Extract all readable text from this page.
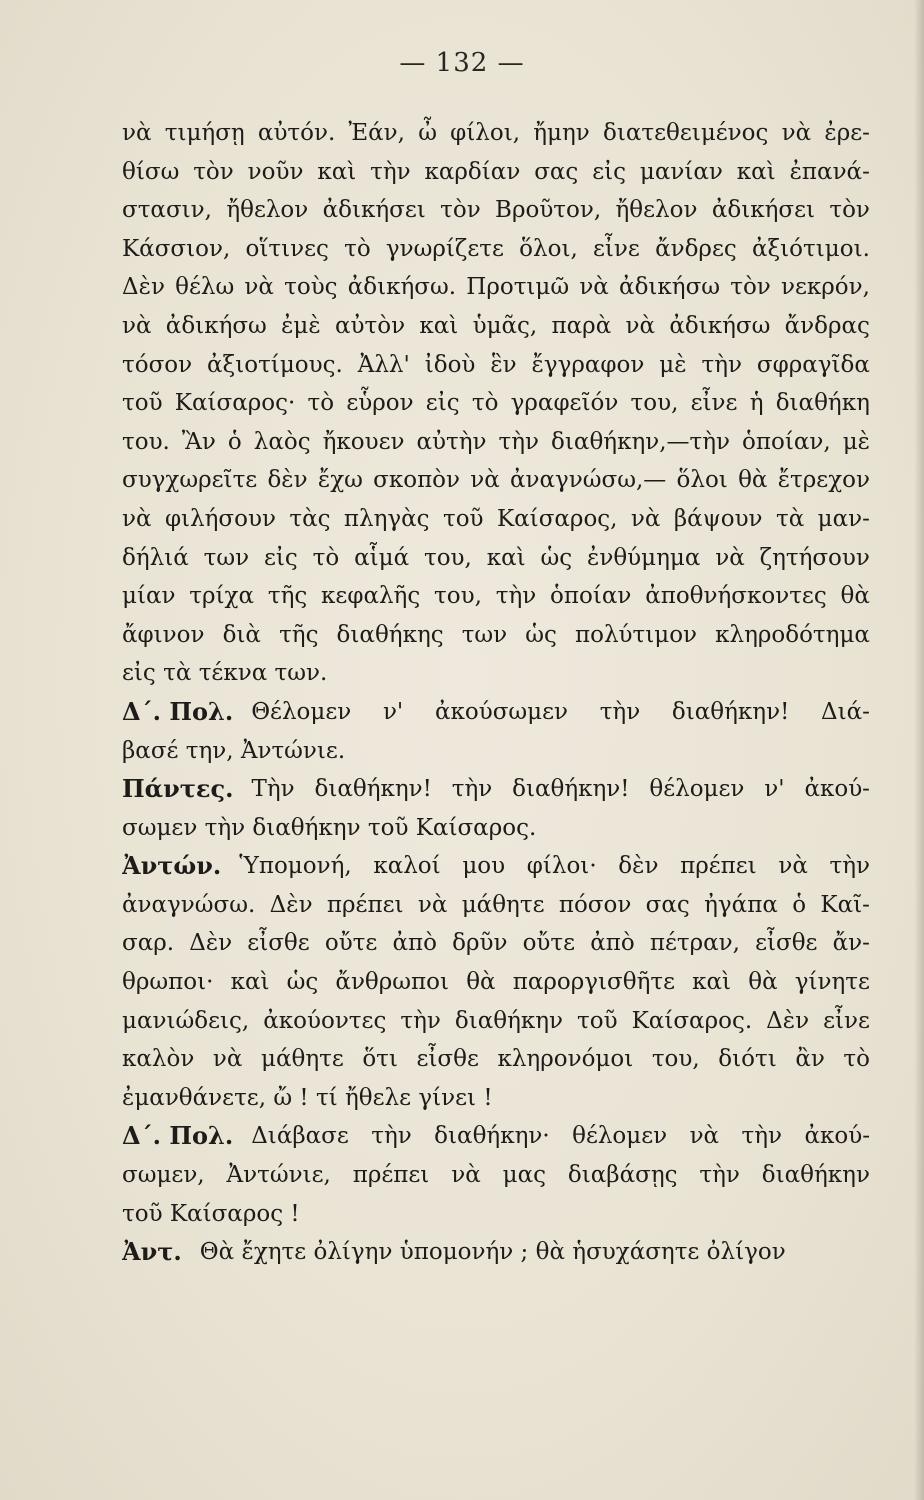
— 132 —
νὰ τιμήσῃ αὐτόν. Ἐάν, ὦ φίλοι, ἤμην διατεθειμένος νὰ ἐρε-
θίσω τὸν νοῦν καὶ τὴν καρδίαν σας εἰς μανίαν καὶ ἐπανά-
στασιν, ἤθελον ἀδικήσει τὸν Βροῦτον, ἤθελον ἀδικήσει τὸν
Κάσσιον, οἵτινες τὸ γνωρίζετε ὅλοι, εἶνε ἄνδρες ἀξιότιμοι.
Δὲν θέλω νὰ τοὺς ἀδικήσω. Προτιμῶ νὰ ἀδικήσω τὸν νεκρόν,
νὰ ἀδικήσω ἐμὲ αὐτὸν καὶ ὑμᾶς, παρὰ νὰ ἀδικήσω ἄνδρας
τόσον ἀξιοτίμους. Ἀλλ' ἰδοὺ ἓν ἔγγραφον μὲ τὴν σφραγῖδα
τοῦ Καίσαρος· τὸ εὗρον εἰς τὸ γραφεῖόν του, εἶνε ἡ διαθήκη
του. Ἂν ὁ λαὸς ἤκουεν αὐτὴν τὴν διαθήκην,—τὴν ὁποίαν, μὲ
συγχωρεῖτε δὲν ἔχω σκοπὸν νὰ ἀναγνώσω,— ὅλοι θὰ ἔτρεχον
νὰ φιλήσουν τὰς πληγὰς τοῦ Καίσαρος, νὰ βάψουν τὰ μαν-
δήλιά των εἰς τὸ αἷμά του, καὶ ὡς ἐνθύμημα νὰ ζητήσουν
μίαν τρίχα τῆς κεφαλῆς του, τὴν ὁποίαν ἀποθνήσκοντες θὰ
ἄφινον διὰ τῆς διαθήκης των ὡς πολύτιμον κληροδότημα
εἰς τὰ τέκνα των.
Δ΄. Πολ. Θέλομεν ν' ἀκούσωμεν τὴν διαθήκην! Διά-
βασέ την, Ἀντώνιε.
Πάντες. Τὴν διαθήκην! τὴν διαθήκην! θέλομεν ν' ἀκού-
σωμεν τὴν διαθήκην τοῦ Καίσαρος.
Ἀντών. Ὑπομονή, καλοί μου φίλοι· δὲν πρέπει νὰ τὴν
ἀναγνώσω. Δὲν πρέπει νὰ μάθητε πόσον σας ἠγάπα ὁ Καῖ-
σαρ. Δὲν εἶσθε οὔτε ἀπὸ δρῦν οὔτε ἀπὸ πέτραν, εἶσθε ἄν-
θρωποι· καὶ ὡς ἄνθρωποι θὰ παροργισθῆτε καὶ θὰ γίνητε
μανιώδεις, ἀκούοντες τὴν διαθήκην τοῦ Καίσαρος. Δὲν εἶνε
καλὸν νὰ μάθητε ὅτι εἶσθε κληρονόμοι του, διότι ἂν τὸ
ἐμανθάνετε, ὤ ! τί ἤθελε γίνει !
Δ΄. Πολ. Διάβασε τὴν διαθήκην· θέλομεν νὰ τὴν ἀκού-
σωμεν, Ἀντώνιε, πρέπει νὰ μας διαβάσῃς τὴν διαθήκην
τοῦ Καίσαρος !
Ἀντ. Θὰ ἔχητε ὀλίγην ὑπομονήν ; θὰ ἡσυχάσητε ὀλίγον
